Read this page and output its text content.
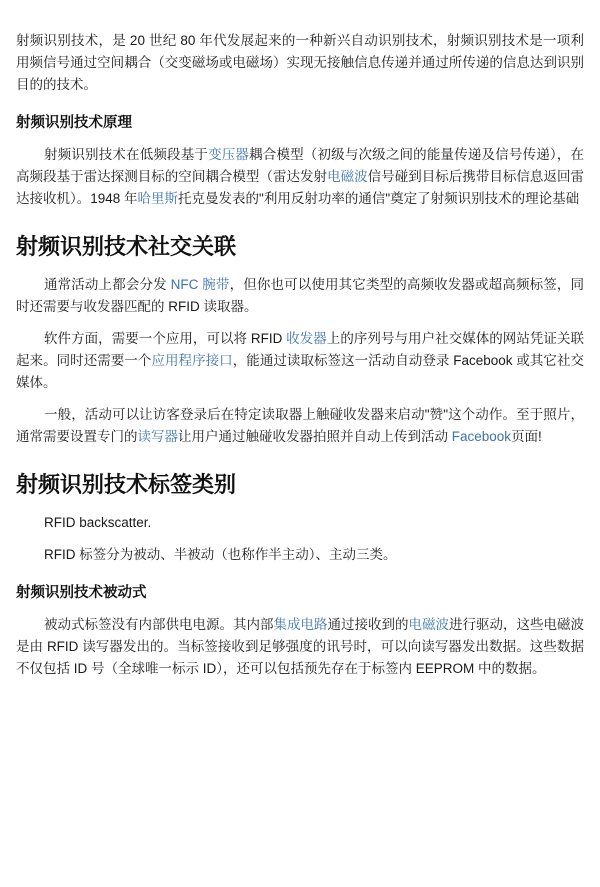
射频识别技术，是 20 世纪 80 年代发展起来的一种新兴自动识别技术，射频识别技术是一项利用频信号通过空间耦合（交变磁场或电磁场）实现无接触信息传递并通过所传递的信息达到识别目的的技术。

射频识别技术原理

射频识别技术在低频段基于变压器耦合模型（初级与次级之间的能量传递及信号传递），在高频段基于雷达探测目标的空间耦合模型（雷达发射电磁波信号碰到目标后携带目标信息返回雷达接收机）。1948 年哈里斯托克曼发表的"利用反射功率的通信"奠定了射频识别技术的理论基础

射频识别技术社交关联

通常活动上都会分发 NFC 腕带，但你也可以使用其它类型的高频收发器或超高频标签，同时还需要与收发器匹配的 RFID 读取器。

软件方面，需要一个应用，可以将 RFID 收发器上的序列号与用户社交媒体的网站凭证关联起来。同时还需要一个应用程序接口，能通过读取标签这一活动自动登录 Facebook 或其它社交媒体。

一般，活动可以让访客登录后在特定读取器上触碰收发器来启动"赞"这个动作。至于照片，通常需要设置专门的读写器让用户通过触碰收发器拍照并自动上传到活动 Facebook页面!

射频识别技术标签类别

RFID backscatter.

RFID 标签分为被动、半被动（也称作半主动）、主动三类。

射频识别技术被动式

被动式标签没有内部供电电源。其内部集成电路通过接收到的电磁波进行驱动，这些电磁波是由 RFID 读写器发出的。当标签接收到足够强度的讯号时，可以向读写器发出数据。这些数据不仅包括 ID 号（全球唯一标示 ID），还可以包括预先存在于标签内 EEPROM 中的数据。
